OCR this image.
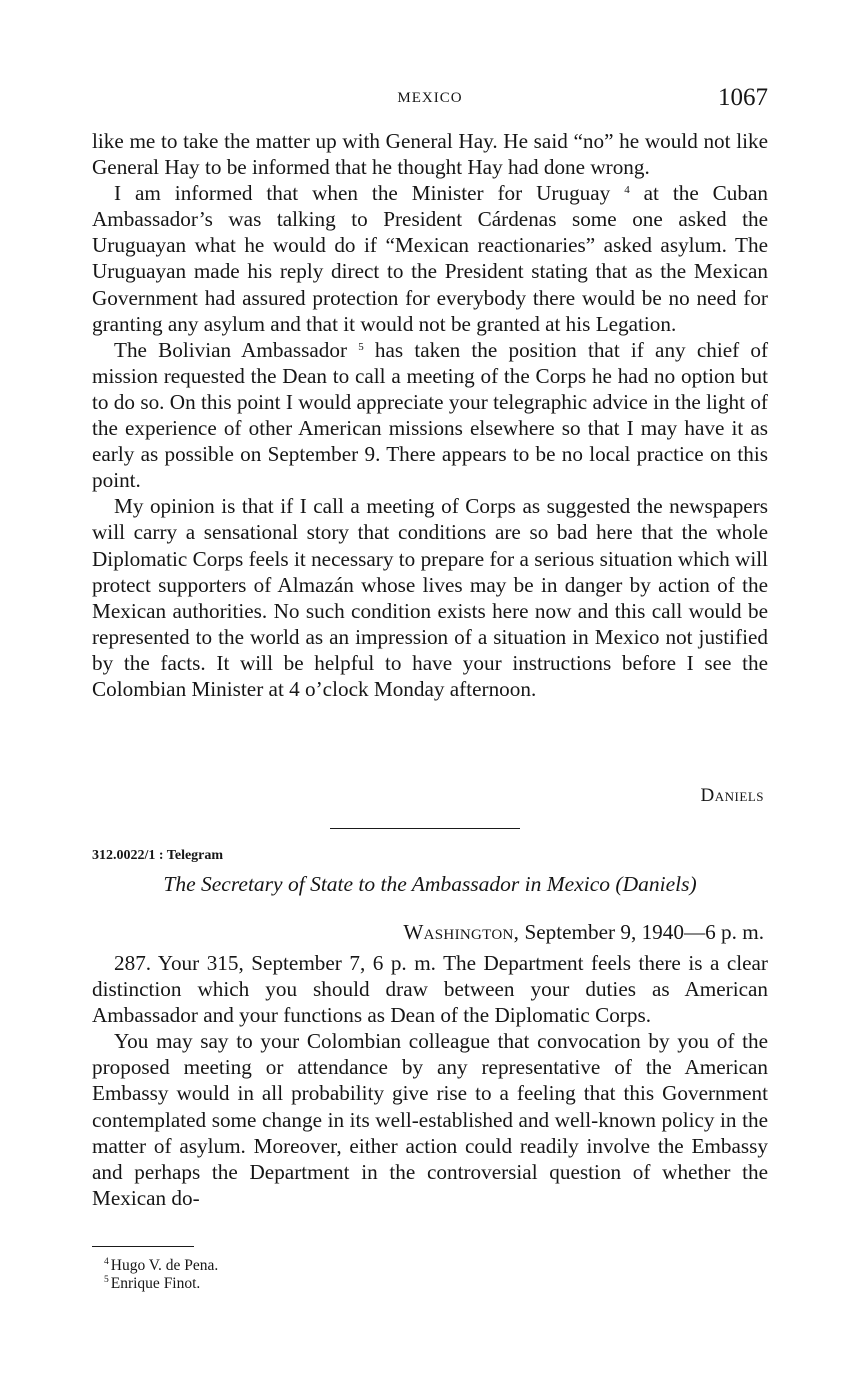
MEXICO	1067

like me to take the matter up with General Hay. He said “no” he would not like General Hay to be informed that he thought Hay had done wrong.

I am informed that when the Minister for Uruguay $^4$ at the Cuban Ambassador’s was talking to President Cárdenas some one asked the Uruguayan what he would do if “Mexican reactionaries” asked asylum. The Uruguayan made his reply direct to the President stating that as the Mexican Government had assured protection for everybody there would be no need for granting any asylum and that it would not be granted at his Legation.

The Bolivian Ambassador $^5$ has taken the position that if any chief of mission requested the Dean to call a meeting of the Corps he had no option but to do so. On this point I would appreciate your telegraphic advice in the light of the experience of other American missions elsewhere so that I may have it as early as possible on September 9. There appears to be no local practice on this point.

My opinion is that if I call a meeting of Corps as suggested the newspapers will carry a sensational story that conditions are so bad here that the whole Diplomatic Corps feels it necessary to prepare for a serious situation which will protect supporters of Almazán whose lives may be in danger by action of the Mexican authorities. No such condition exists here now and this call would be represented to the world as an impression of a situation in Mexico not justified by the facts. It will be helpful to have your instructions before I see the Colombian Minister at 4 o’clock Monday afternoon.

Daniels
312.0022/1 : Telegram
The Secretary of State to the Ambassador in Mexico (Daniels)
Washington, September 9, 1940—6 p. m.

287. Your 315, September 7, 6 p. m. The Department feels there is a clear distinction which you should draw between your duties as American Ambassador and your functions as Dean of the Diplomatic Corps.

You may say to your Colombian colleague that convocation by you of the proposed meeting or attendance by any representative of the American Embassy would in all probability give rise to a feeling that this Government contemplated some change in its well-established and well-known policy in the matter of asylum. Moreover, either action could readily involve the Embassy and perhaps the Department in the controversial question of whether the Mexican do-

$^4$ Hugo V. de Pena.
$^5$ Enrique Finot.
